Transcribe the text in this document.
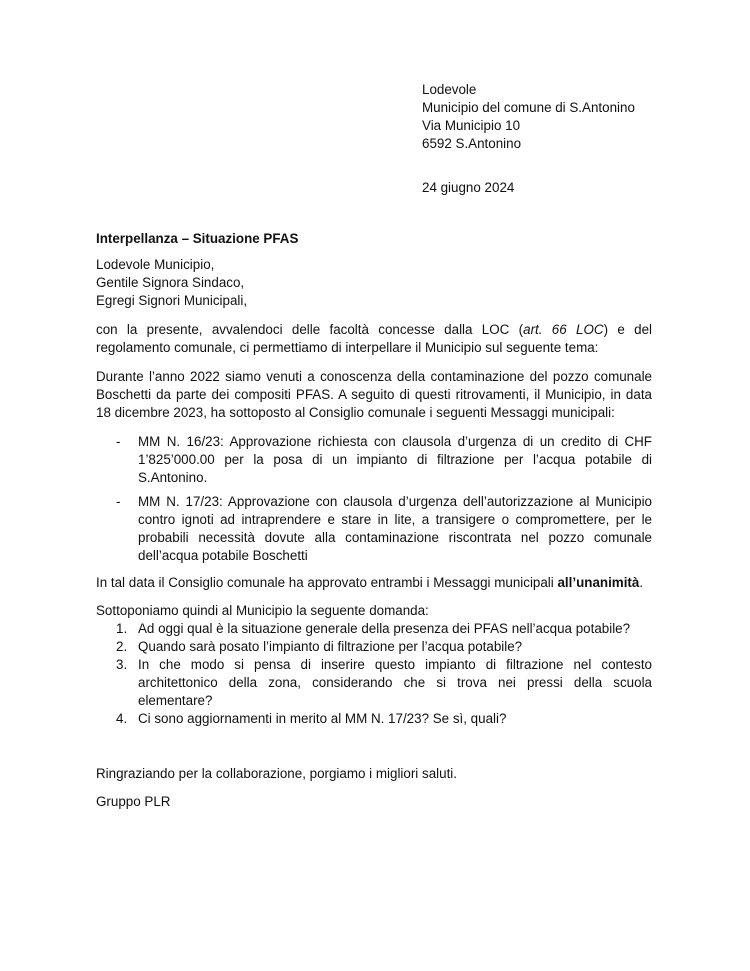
Lodevole
Municipio del comune di S.Antonino
Via Municipio 10
6592 S.Antonino
24 giugno 2024
Interpellanza – Situazione PFAS
Lodevole Municipio,
Gentile Signora Sindaco,
Egregi Signori Municipali,

con la presente, avvalendoci delle facoltà concesse dalla LOC (art. 66 LOC) e del regolamento comunale, ci permettiamo di interpellare il Municipio sul seguente tema:

Durante l’anno 2022 siamo venuti a conoscenza della contaminazione del pozzo comunale Boschetti da parte dei compositi PFAS. A seguito di questi ritrovamenti, il Municipio, in data 18 dicembre 2023, ha sottoposto al Consiglio comunale i seguenti Messaggi municipali:

- MM N. 16/23: Approvazione richiesta con clausola d’urgenza di un credito di CHF 1’825’000.00 per la posa di un impianto di filtrazione per l’acqua potabile di S.Antonino.
- MM N. 17/23: Approvazione con clausola d’urgenza dell’autorizzazione al Municipio contro ignoti ad intraprendere e stare in lite, a transigere o compromettere, per le probabili necessità dovute alla contaminazione riscontrata nel pozzo comunale dell’acqua potabile Boschetti

In tal data il Consiglio comunale ha approvato entrambi i Messaggi municipali all’unanimità.

Sottoponiamo quindi al Municipio la seguente domanda:

1. Ad oggi qual è la situazione generale della presenza dei PFAS nell’acqua potabile?
2. Quando sarà posato l’impianto di filtrazione per l’acqua potabile?
3. In che modo si pensa di inserire questo impianto di filtrazione nel contesto architettonico della zona, considerando che si trova nei pressi della scuola elementare?
4. Ci sono aggiornamenti in merito al MM N. 17/23? Se sì, quali?

Ringraziando per la collaborazione, porgiamo i migliori saluti.

Gruppo PLR
